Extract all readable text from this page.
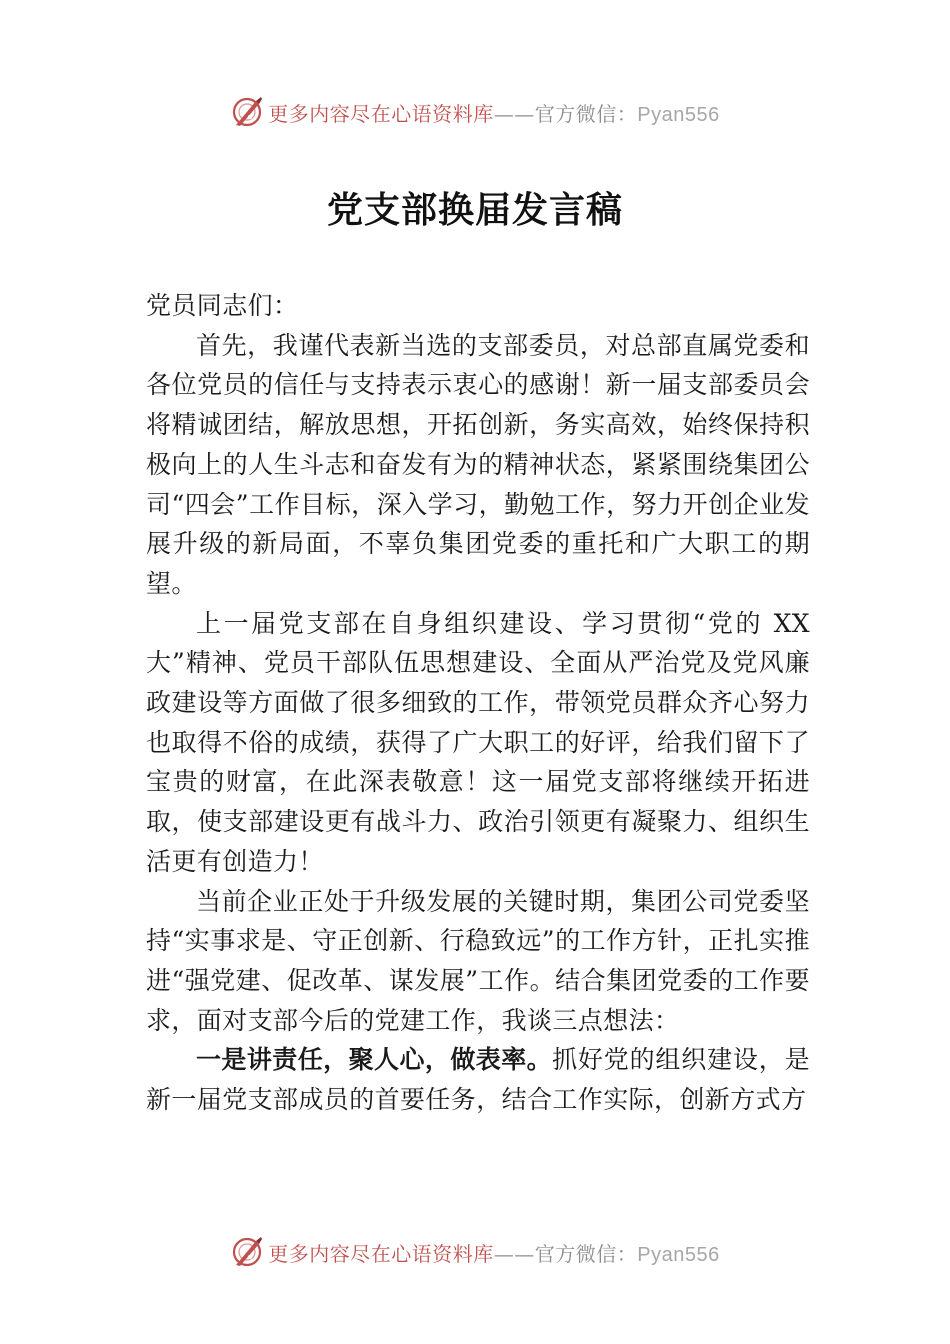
更多内容尽在心语资料库——官方微信：Pyan556
党支部换届发言稿

党员同志们：

首先，我谨代表新当选的支部委员，对总部直属党委和各位党员的信任与支持表示衷心的感谢！新一届支部委员会将精诚团结，解放思想，开拓创新，务实高效，始终保持积极向上的人生斗志和奋发有为的精神状态，紧紧围绕集团公司“四会”工作目标，深入学习，勤勉工作，努力开创企业发展升级的新局面，不辜负集团党委的重托和广大职工的期望。

上一届党支部在自身组织建设、学习贯彻“党的 XX 大”精神、党员干部队伍思想建设、全面从严治党及党风廉政建设等方面做了很多细致的工作，带领党员群众齐心努力也取得不俗的成绩，获得了广大职工的好评，给我们留下了宝贵的财富，在此深表敬意！这一届党支部将继续开拓进取，使支部建设更有战斗力、政治引领更有凝聚力、组织生活更有创造力！

当前企业正处于升级发展的关键时期，集团公司党委坚持“实事求是、守正创新、行稳致远”的工作方针，正扎实推进“强党建、促改革、谋发展”工作。结合集团党委的工作要求，面对支部今后的党建工作，我谈三点想法：

一是讲责任，聚人心，做表率。抓好党的组织建设，是新一届党支部成员的首要任务，结合工作实际，创新方式方

更多内容尽在心语资料库——官方微信：Pyan556
